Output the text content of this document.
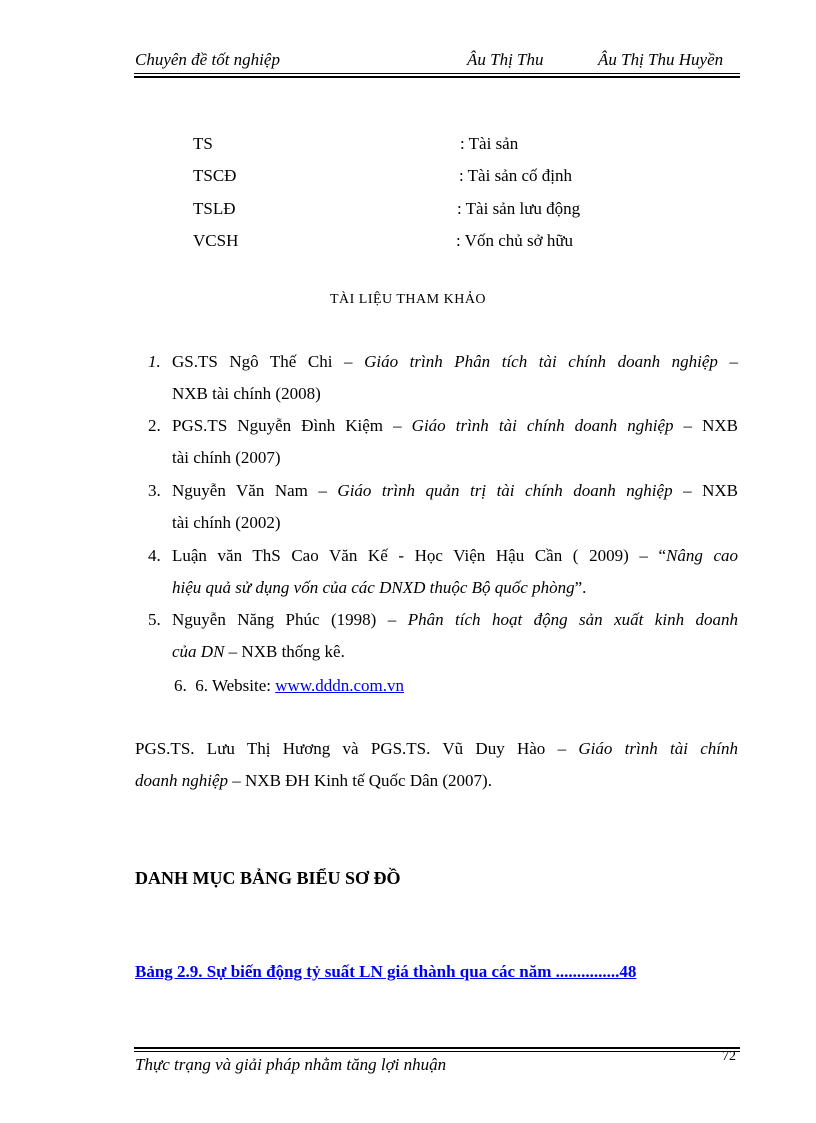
Chuyên đề tốt nghiệp	Âu Thị Thu	Âu Thị Thu Huyền
TS	: Tài sản
TSCĐ	: Tài sản cố định
TSLĐ	: Tài sản lưu động
VCSH	: Vốn chủ sở hữu
TÀI LIỆU THAM KHẢO
1. GS.TS Ngô Thế Chi – Giáo trình Phân tích tài chính doanh nghiệp –
NXB tài chính (2008)
2. PGS.TS Nguyễn Đình Kiệm – Giáo trình tài chính doanh nghiệp – NXB
tài chính (2007)
3. Nguyễn Văn Nam – Giáo trình quản trị tài chính doanh nghiệp – NXB
tài chính (2002)
4. Luận văn ThS Cao Văn Kế - Học Viện Hậu Cần ( 2009) – “Nâng cao
hiệu quả sử dụng vốn của các DNXD thuộc Bộ quốc phòng”.
5. Nguyễn Năng Phúc (1998) – Phân tích hoạt động sản xuất kinh doanh
của DN – NXB thống kê.
6. 6. Website: www.dddn.com.vn
PGS.TS. Lưu Thị Hương và PGS.TS. Vũ Duy Hào – Giáo trình tài chính
doanh nghiệp – NXB ĐH Kinh tế Quốc Dân (2007).
DANH MỤC BẢNG BIỂU SƠ ĐỒ
Bảng 2.9. Sự biến động tỷ suất LN giá thành qua các năm ...............48
Thực trạng và giải pháp nhằm tăng lợi nhuận	72
